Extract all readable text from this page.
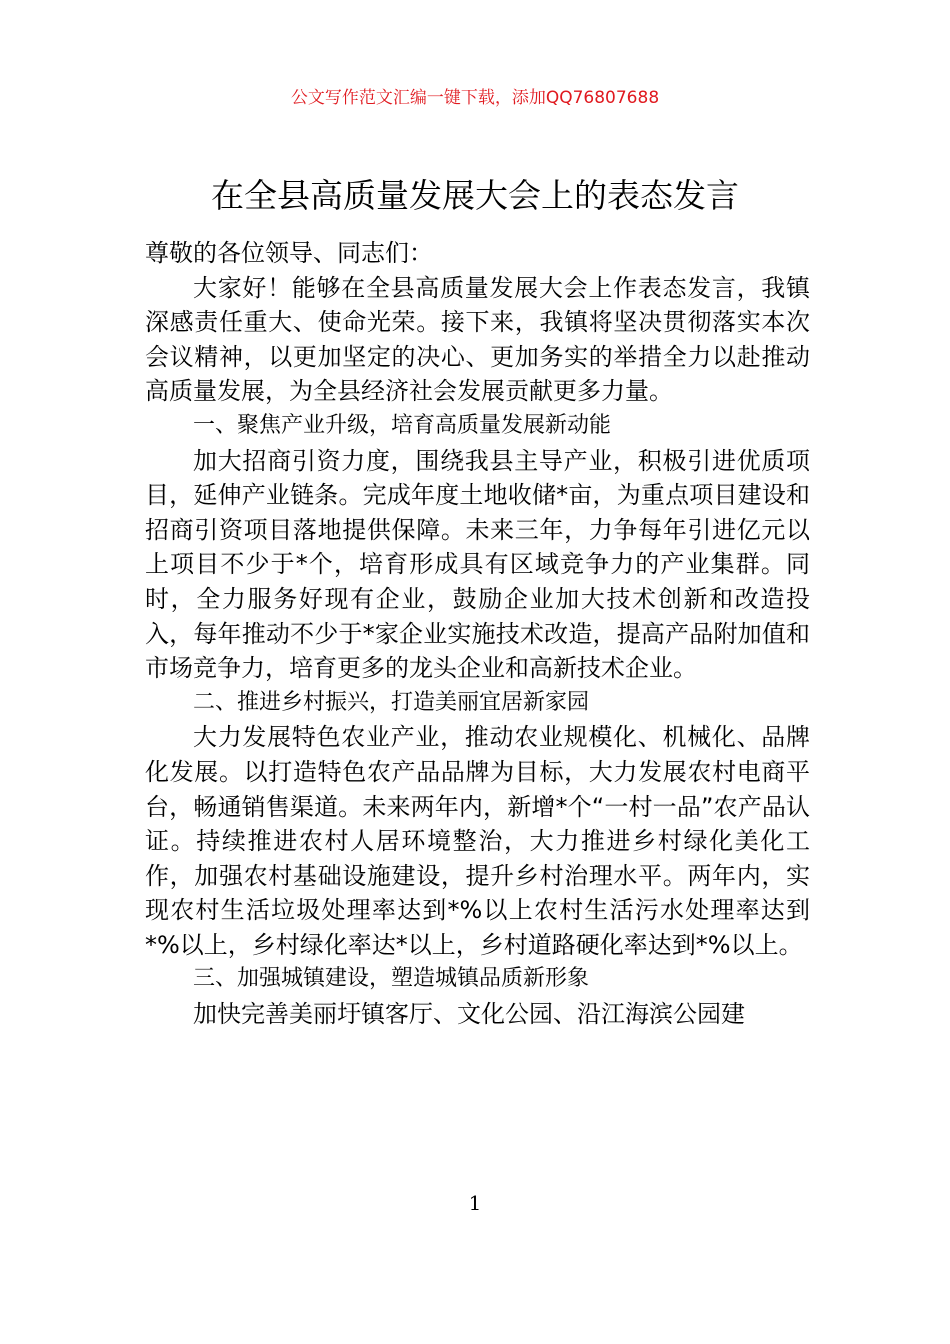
公文写作范文汇编一键下载，添加QQ76807688
在全县高质量发展大会上的表态发言

尊敬的各位领导、同志们：

大家好！能够在全县高质量发展大会上作表态发言，我镇深感责任重大、使命光荣。接下来，我镇将坚决贯彻落实本次会议精神，以更加坚定的决心、更加务实的举措全力以赴推动高质量发展，为全县经济社会发展贡献更多力量。

一、聚焦产业升级，培育高质量发展新动能

加大招商引资力度，围绕我县主导产业，积极引进优质项目，延伸产业链条。完成年度土地收储*亩，为重点项目建设和招商引资项目落地提供保障。未来三年，力争每年引进亿元以上项目不少于*个，培育形成具有区域竞争力的产业集群。同时，全力服务好现有企业，鼓励企业加大技术创新和改造投入，每年推动不少于*家企业实施技术改造，提高产品附加值和市场竞争力，培育更多的龙头企业和高新技术企业。

二、推进乡村振兴，打造美丽宜居新家园

大力发展特色农业产业，推动农业规模化、机械化、品牌化发展。以打造特色农产品品牌为目标，大力发展农村电商平台，畅通销售渠道。未来两年内，新增*个“一村一品”农产品认证。持续推进农村人居环境整治，大力推进乡村绿化美化工作，加强农村基础设施建设，提升乡村治理水平。两年内，实现农村生活垃圾处理率达到*%以上农村生活污水处理率达到*%以上，乡村绿化率达*以上，乡村道路硬化率达到*%以上。

三、加强城镇建设，塑造城镇品质新形象

加快完善美丽圩镇客厅、文化公园、沿江海滨公园建

1
